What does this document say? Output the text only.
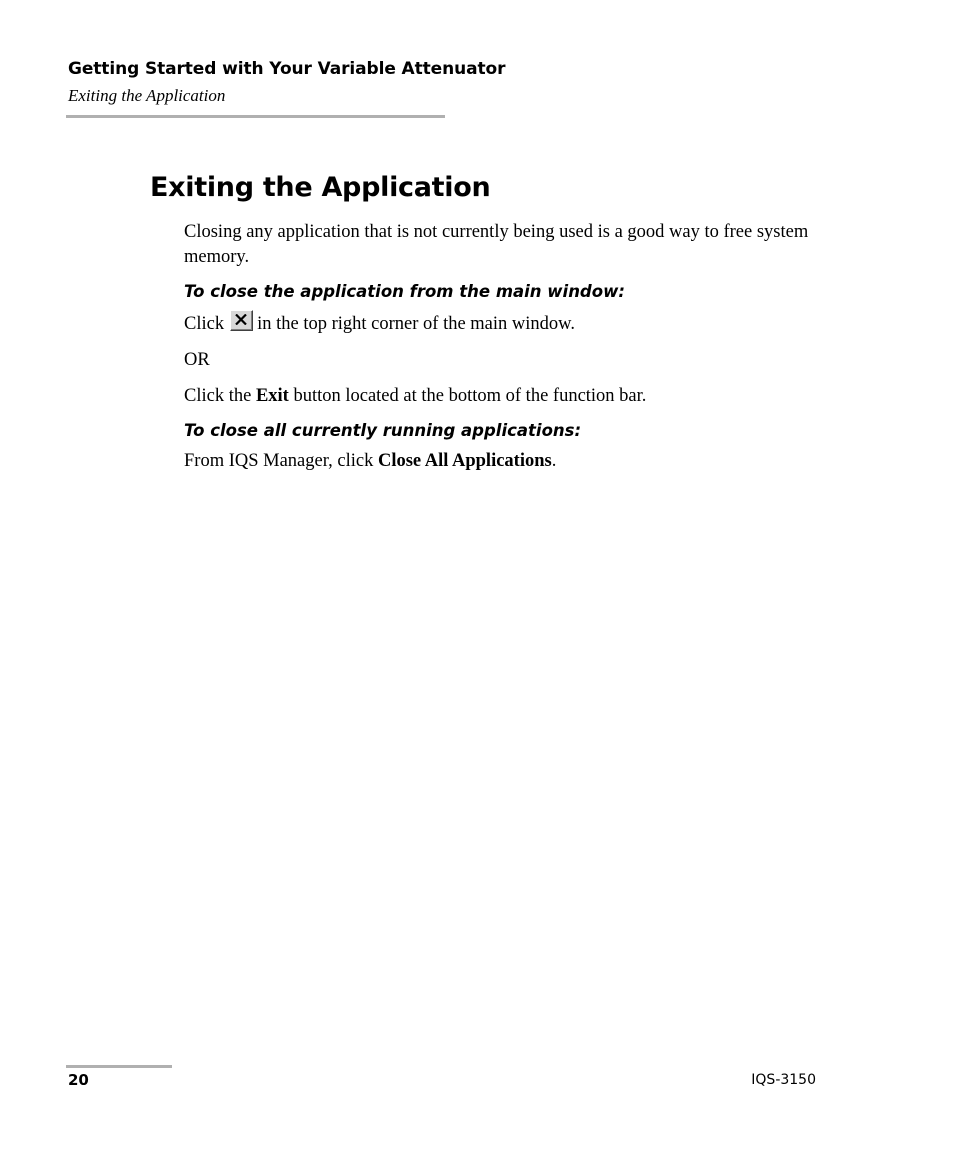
Getting Started with Your Variable Attenuator
Exiting the Application
Exiting the Application

Closing any application that is not currently being used is a good way to free system memory.

To close the application from the main window:

Click in the top right corner of the main window.

OR

Click the Exit button located at the bottom of the function bar.

To close all currently running applications:

From IQS Manager, click Close All Applications.

20	IQS-3150
